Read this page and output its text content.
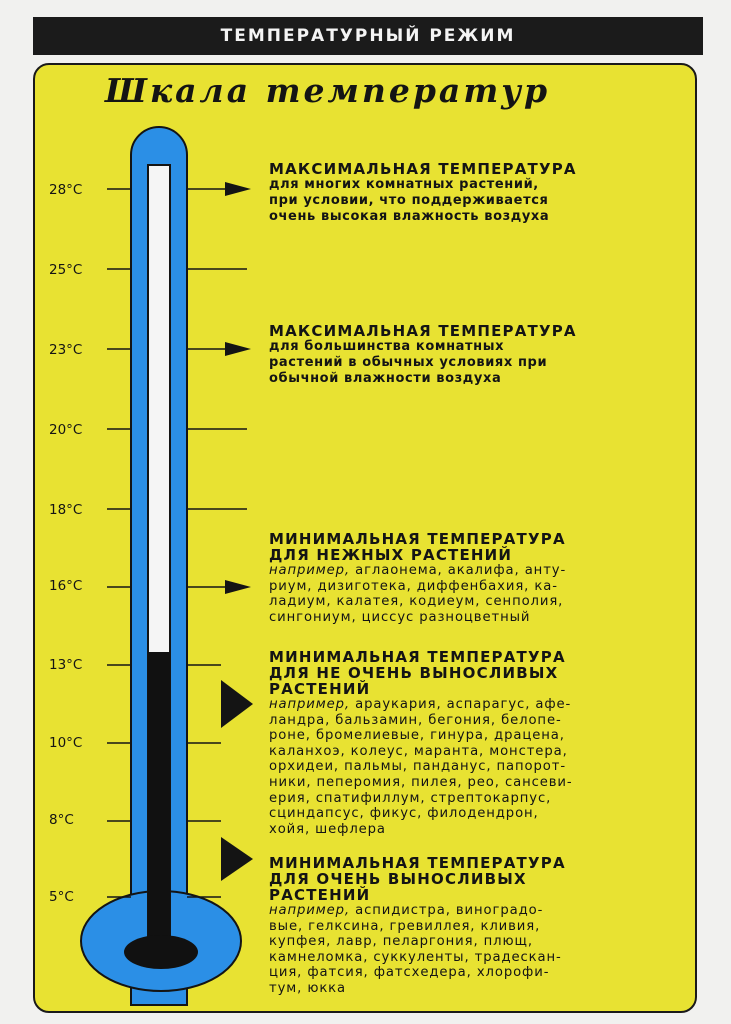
ТЕМПЕРАТУРНЫЙ РЕЖИМ
Шкала температур
28°C
25°C
23°C
20°C
18°C
16°C
13°C
10°C
8°C
5°C

МАКСИМАЛЬНАЯ ТЕМПЕРАТУРА

для многих комнатных растений,

при условии, что поддерживается

очень высокая влажность воздуха

МАКСИМАЛЬНАЯ ТЕМПЕРАТУРА

для большинства комнатных

растений в обычных условиях при

обычной влажности воздуха

МИНИМАЛЬНАЯ ТЕМПЕРАТУРА

ДЛЯ НЕЖНЫХ РАСТЕНИЙ

например, аглаонема, акалифа, анту-

риум, дизиготека, диффенбахия, ка-

ладиум, калатея, кодиеум, сенполия,

сингониум, циссус разноцветный

МИНИМАЛЬНАЯ ТЕМПЕРАТУРА

ДЛЯ НЕ ОЧЕНЬ ВЫНОСЛИВЫХ

РАСТЕНИЙ

например, араукария, аспарагус, афе-

ландра, бальзамин, бегония, белопе-

роне, бромелиевые, гинура, драцена,

каланхоэ, колеус, маранта, монстера,

орхидеи, пальмы, панданус, папорот-

ники, пеперомия, пилея, рео, сансеви-

ерия, спатифиллум, стрептокарпус,

сциндапсус, фикус, филодендрон,

хойя, шефлера

МИНИМАЛЬНАЯ ТЕМПЕРАТУРА

ДЛЯ ОЧЕНЬ ВЫНОСЛИВЫХ

РАСТЕНИЙ

например, аспидистра, виноградо-

вые, гелксина, гревиллея, кливия,

купфея, лавр, пеларгония, плющ,

камнеломка, суккуленты, традескан-

ция, фатсия, фатсхедера, хлорофи-

тум, юкка
